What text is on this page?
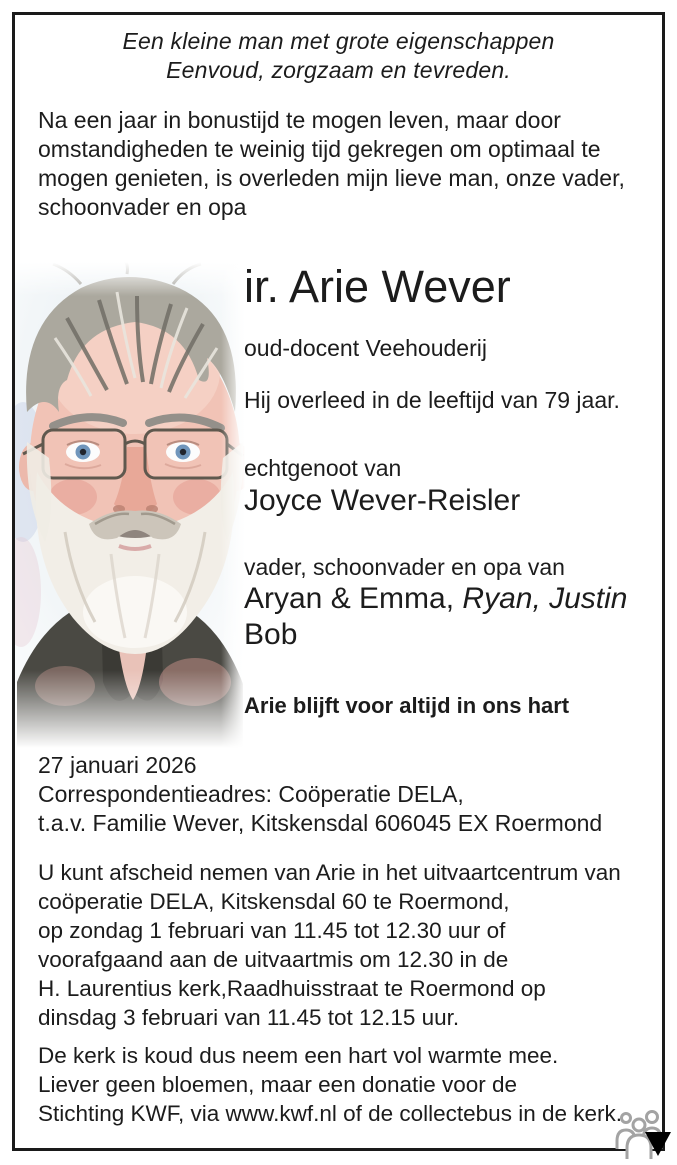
Een kleine man met grote eigenschappen
Eenvoud, zorgzaam en tevreden.
Na een jaar in bonustijd te mogen leven, maar door
omstandigheden te weinig tijd gekregen om optimaal te
mogen genieten, is overleden mijn lieve man, onze vader,
schoonvader en opa
ir. Arie Wever

oud-docent Veehouderij

Hij overleed in de leeftijd van 79 jaar.

echtgenoot van

Joyce Wever-Reisler

vader, schoonvader en opa van

Aryan & Emma, Ryan, Justin
Bob

Arie blijft voor altijd in ons hart

27 januari 2026
Correspondentieadres: Coöperatie DELA,
t.a.v. Familie Wever, Kitskensdal 606045 EX Roermond
U kunt afscheid nemen van Arie in het uitvaartcentrum van
coöperatie DELA, Kitskensdal 60 te Roermond,
op zondag 1 februari van 11.45 tot 12.30 uur of
voorafgaand aan de uitvaartmis om 12.30 in de
H. Laurentius kerk,Raadhuisstraat te Roermond op
dinsdag 3 februari van 11.45 tot 12.15 uur.
De kerk is koud dus neem een hart vol warmte mee.
Liever geen bloemen, maar een donatie voor de
Stichting KWF, via www.kwf.nl of de collectebus in de kerk.
